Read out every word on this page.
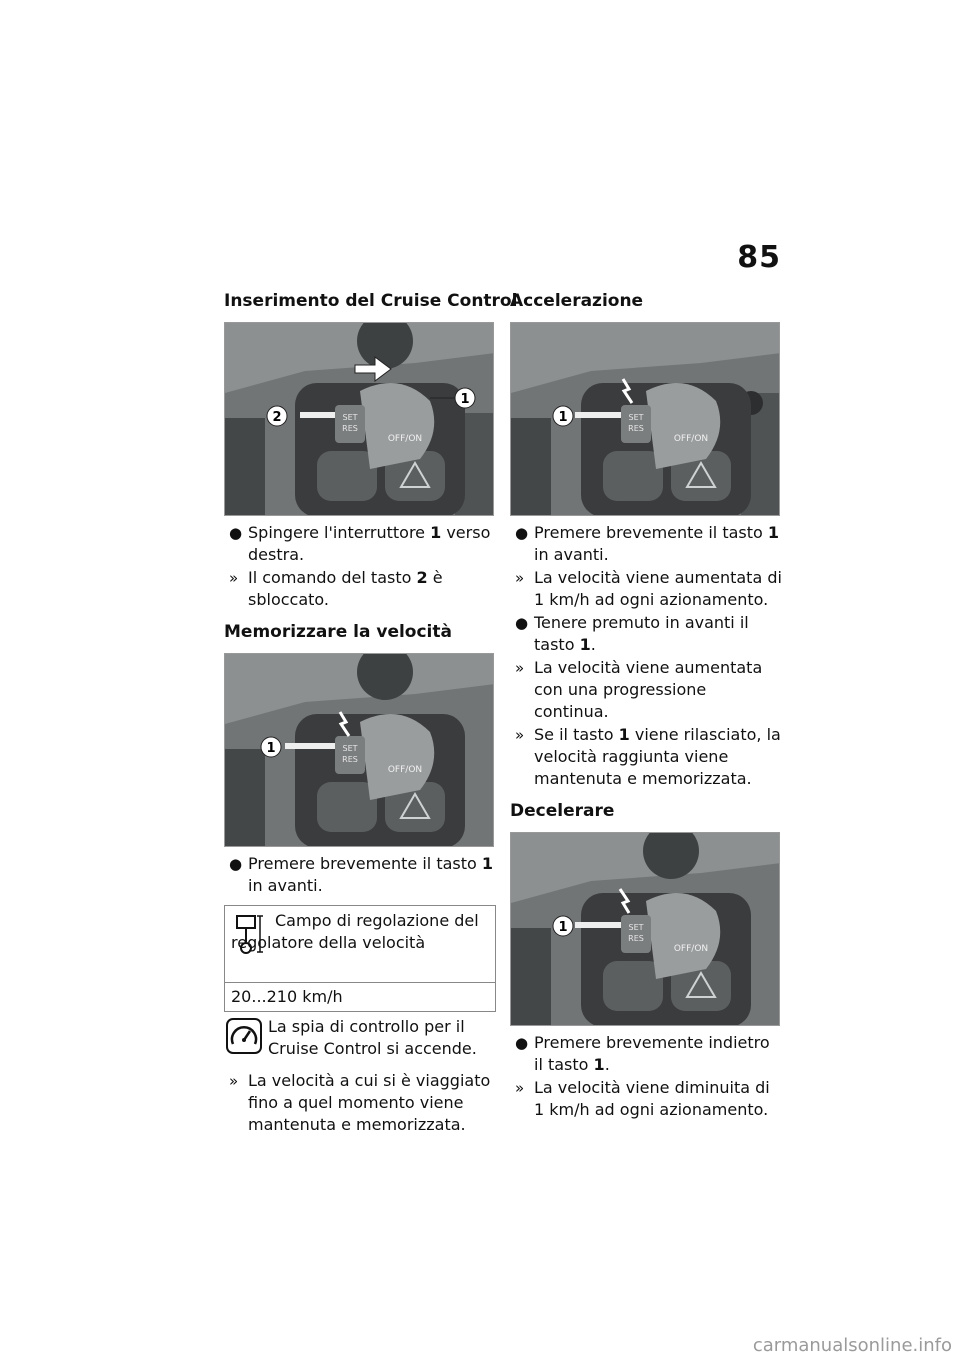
85
Inserimento del Cruise Control
SET
RES
OFF/ON
2
1
● Spingere l'interruttore 1 verso destra.
» Il comando del tasto 2 è sbloccato.
Memorizzare la velocità
SET
RES
OFF/ON
1
● Premere brevemente il tasto 1 in avanti.
Campo di regolazione del regolatore della velocità
20...210 km/h
La spia di controllo per il Cruise Control si accende.
» La velocità a cui si è viaggiato fino a quel momento viene mantenuta e memorizzata.
Accelerazione
SET
RES
OFF/ON
1
● Premere brevemente il tasto 1 in avanti.
» La velocità viene aumentata di 1 km/h ad ogni azionamento.
● Tenere premuto in avanti il tasto 1.
» La velocità viene aumentata con una progressione continua.
» Se il tasto 1 viene rilasciato, la velocità raggiunta viene mantenuta e memorizzata.
Decelerare
SET
RES
OFF/ON
1
● Premere brevemente indietro il tasto 1.
» La velocità viene diminuita di 1 km/h ad ogni azionamento.
carmanualsonline.info
